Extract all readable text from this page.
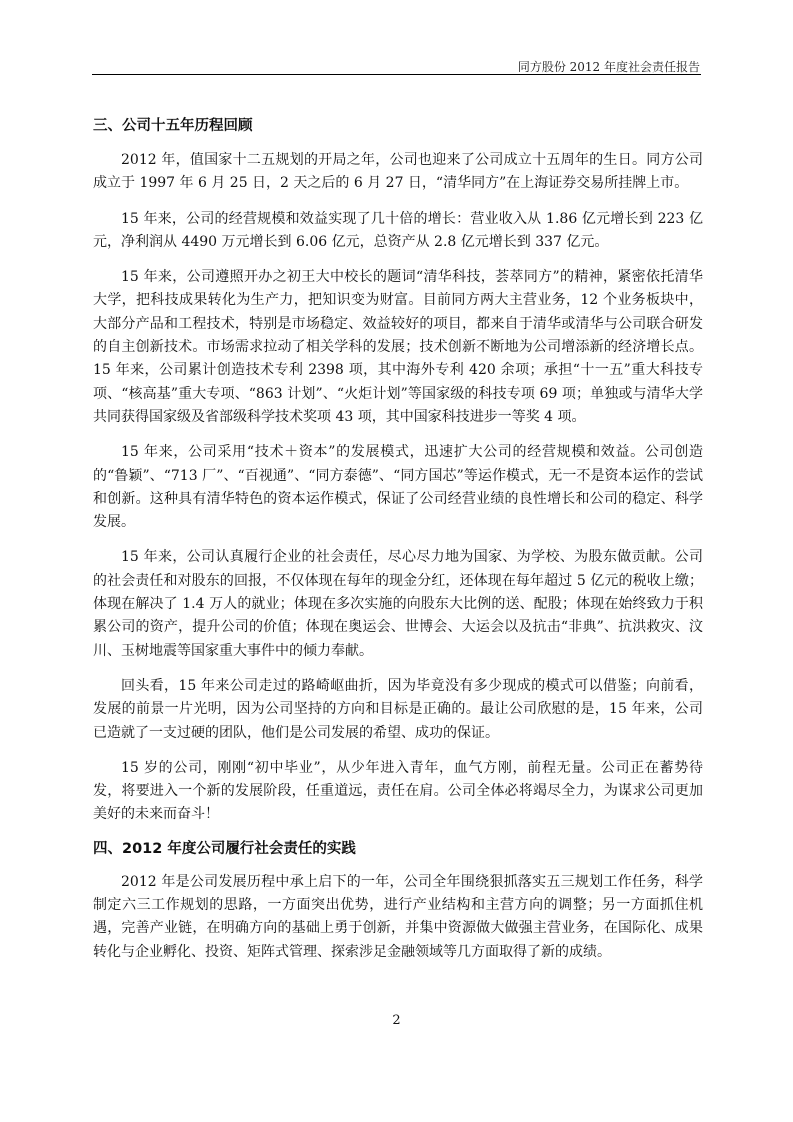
同方股份 2012 年度社会责任报告
三、公司十五年历程回顾

2012 年，值国家十二五规划的开局之年，公司也迎来了公司成立十五周年的生日。同方公司成立于 1997 年 6 月 25 日，2 天之后的 6 月 27 日，“清华同方”在上海证券交易所挂牌上市。

15 年来，公司的经营规模和效益实现了几十倍的增长：营业收入从 1.86 亿元增长到 223 亿元，净利润从 4490 万元增长到 6.06 亿元，总资产从 2.8 亿元增长到 337 亿元。

15 年来，公司遵照开办之初王大中校长的题词“清华科技，荟萃同方”的精神，紧密依托清华大学，把科技成果转化为生产力，把知识变为财富。目前同方两大主营业务，12 个业务板块中，大部分产品和工程技术，特别是市场稳定、效益较好的项目，都来自于清华或清华与公司联合研发的自主创新技术。市场需求拉动了相关学科的发展；技术创新不断地为公司增添新的经济增长点。15 年来，公司累计创造技术专利 2398 项，其中海外专利 420 余项；承担“十一五”重大科技专项、“核高基”重大专项、“863 计划”、“火炬计划”等国家级的科技专项 69 项；单独或与清华大学共同获得国家级及省部级科学技术奖项 43 项，其中国家科技进步一等奖 4 项。

15 年来，公司采用“技术＋资本”的发展模式，迅速扩大公司的经营规模和效益。公司创造的“鲁颖”、“713 厂”、“百视通”、“同方泰德”、“同方国芯”等运作模式，无一不是资本运作的尝试和创新。这种具有清华特色的资本运作模式，保证了公司经营业绩的良性增长和公司的稳定、科学发展。

15 年来，公司认真履行企业的社会责任，尽心尽力地为国家、为学校、为股东做贡献。公司的社会责任和对股东的回报，不仅体现在每年的现金分红，还体现在每年超过 5 亿元的税收上缴；体现在解决了 1.4 万人的就业；体现在多次实施的向股东大比例的送、配股；体现在始终致力于积累公司的资产，提升公司的价值；体现在奥运会、世博会、大运会以及抗击“非典”、抗洪救灾、汶川、玉树地震等国家重大事件中的倾力奉献。

回头看，15 年来公司走过的路崎岖曲折，因为毕竟没有多少现成的模式可以借鉴；向前看，发展的前景一片光明，因为公司坚持的方向和目标是正确的。最让公司欣慰的是，15 年来，公司已造就了一支过硬的团队，他们是公司发展的希望、成功的保证。

15 岁的公司，刚刚“初中毕业”，从少年进入青年，血气方刚，前程无量。公司正在蓄势待发，将要进入一个新的发展阶段，任重道远，责任在肩。公司全体必将竭尽全力，为谋求公司更加美好的未来而奋斗！

四、2012 年度公司履行社会责任的实践

2012 年是公司发展历程中承上启下的一年，公司全年围绕狠抓落实五三规划工作任务，科学制定六三工作规划的思路，一方面突出优势，进行产业结构和主营方向的调整；另一方面抓住机遇，完善产业链，在明确方向的基础上勇于创新，并集中资源做大做强主营业务，在国际化、成果转化与企业孵化、投资、矩阵式管理、探索涉足金融领域等几方面取得了新的成绩。

2
